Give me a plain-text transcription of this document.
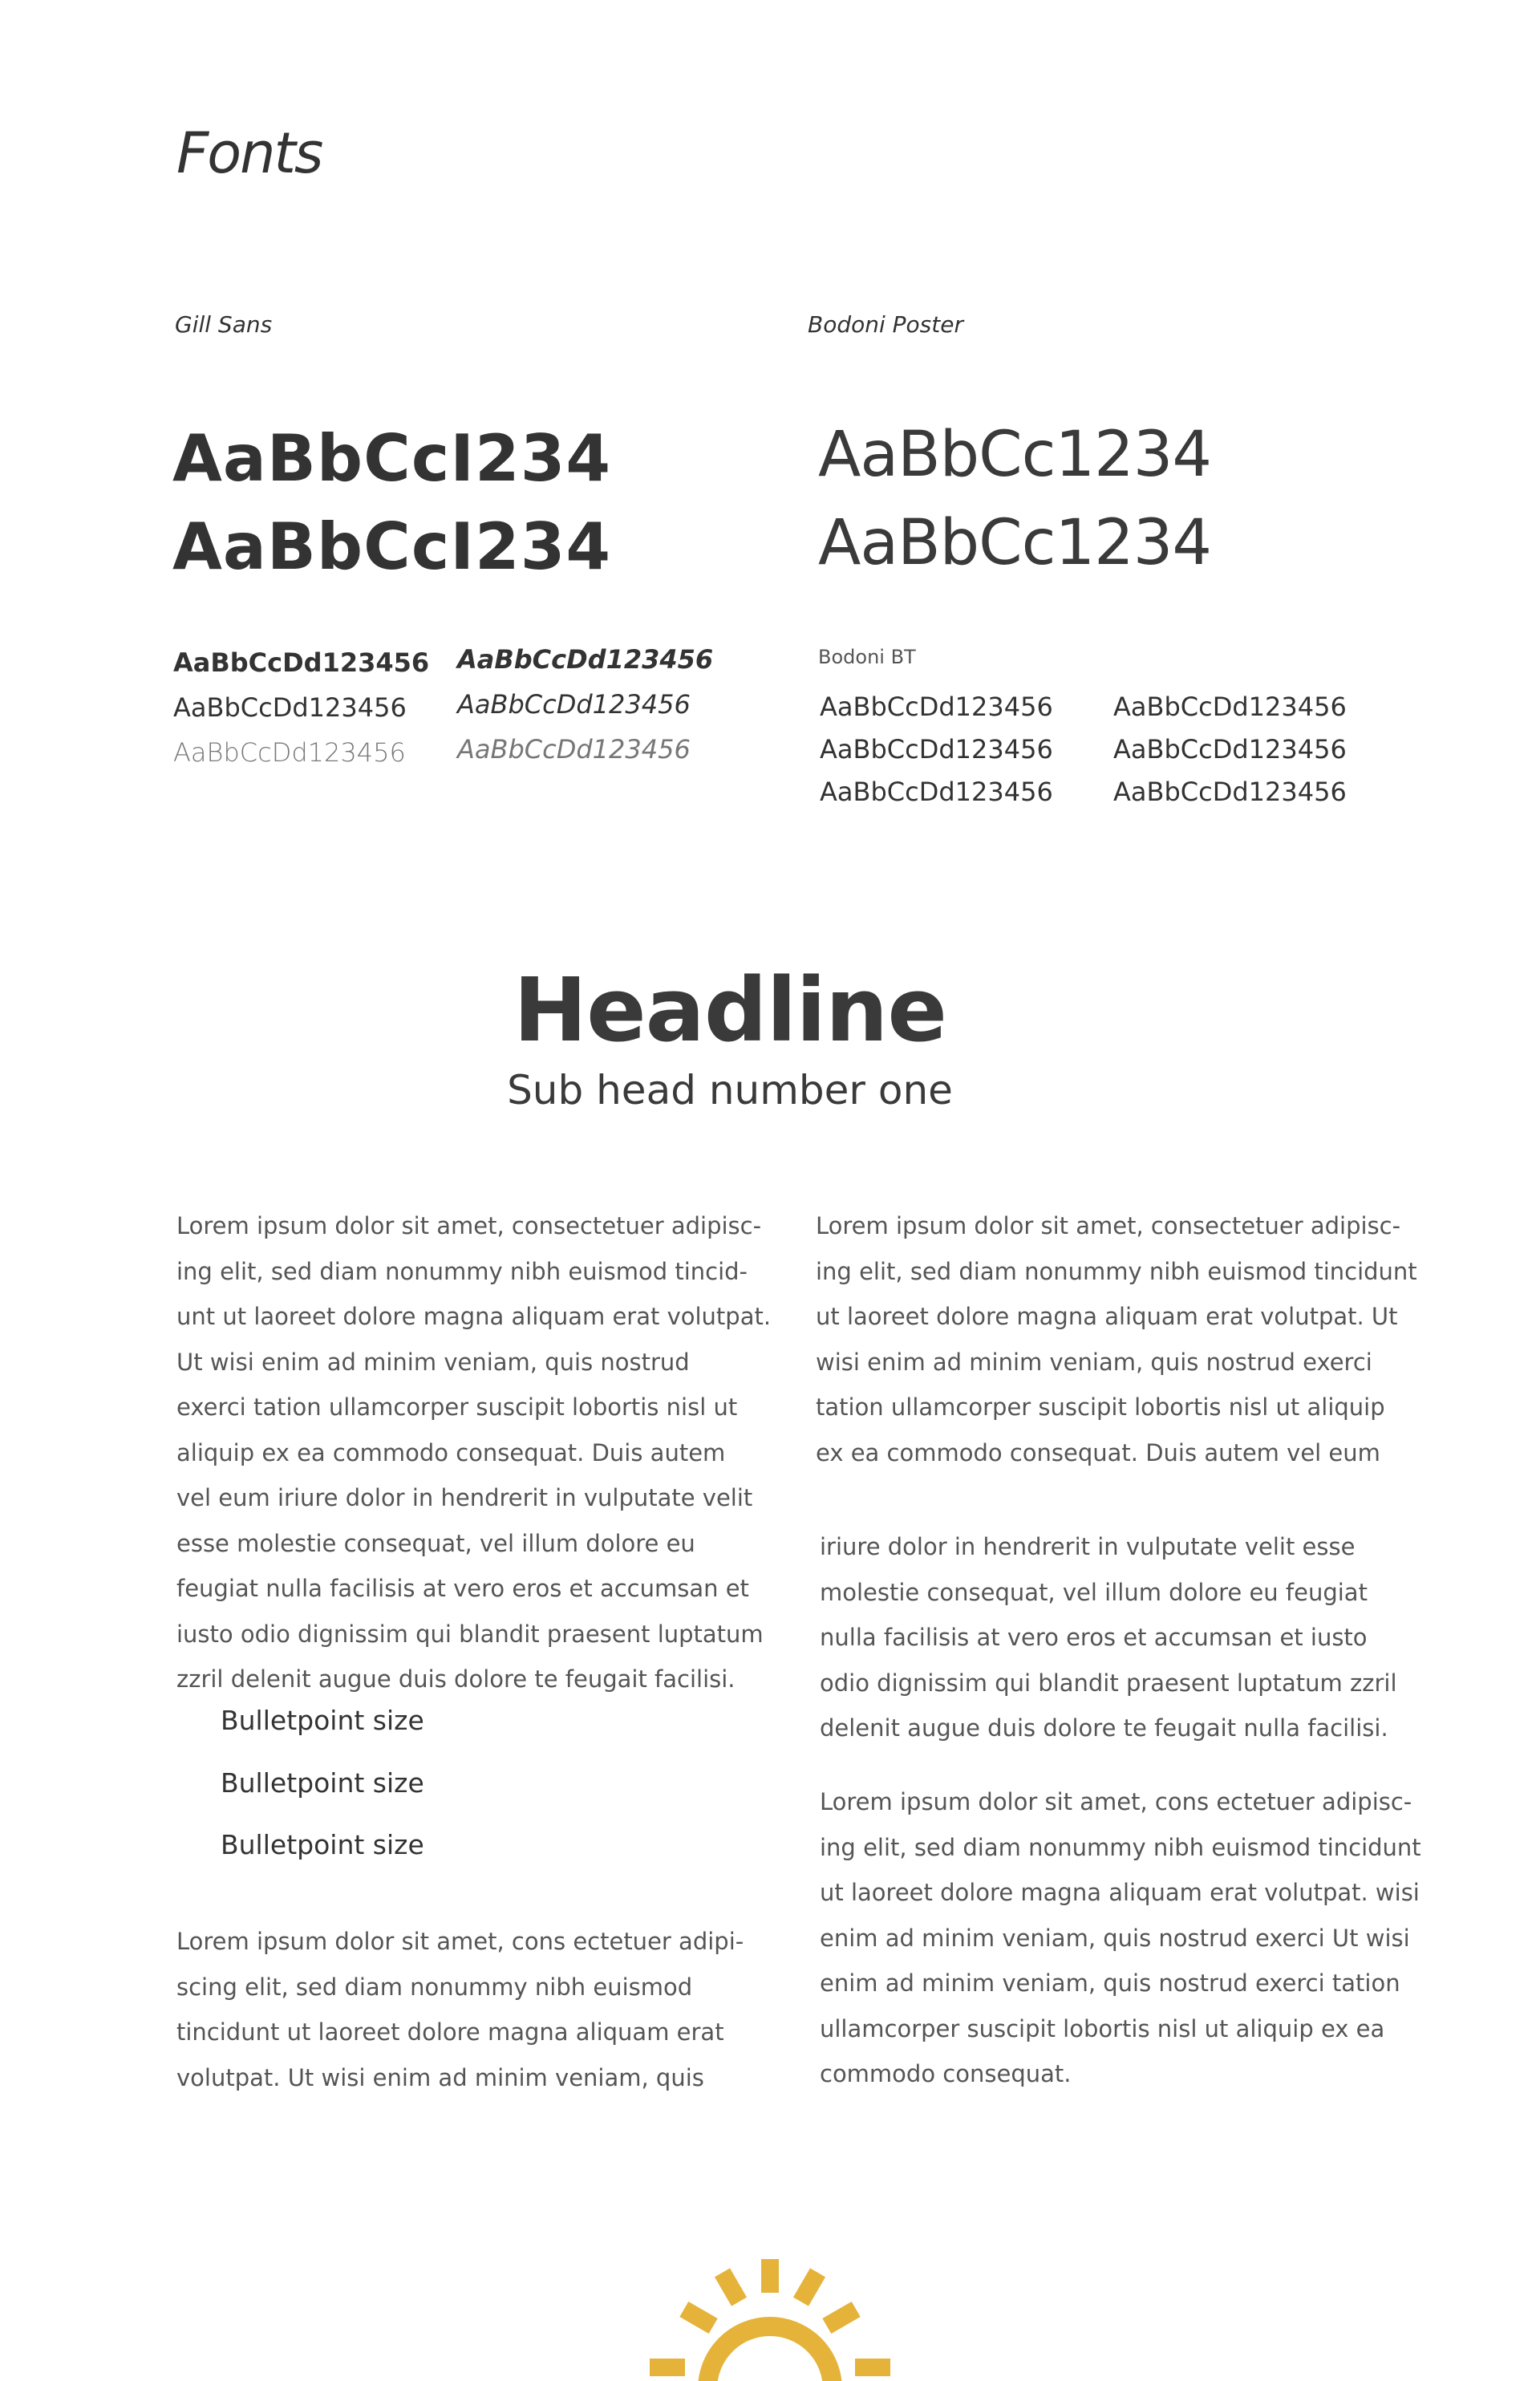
Fonts
Gill Sans	Bodoni Poster
AaBbCcI234
AaBbCcI234
AaBbCc1234
AaBbCc1234
AaBbCcDd123456
AaBbCcDd123456
AaBbCcDd123456
AaBbCcDd123456
AaBbCcDd123456
AaBbCcDd123456
Bodoni BT
AaBbCcDd123456
AaBbCcDd123456
AaBbCcDd123456
AaBbCcDd123456
AaBbCcDd123456
AaBbCcDd123456
Headline
Sub head number one
Lorem ipsum dolor sit amet, consectetuer adipisc-
ing elit, sed diam nonummy nibh euismod tincid-
unt ut laoreet dolore magna aliquam erat volutpat.
Ut wisi enim ad minim veniam, quis nostrud
exerci tation ullamcorper suscipit lobortis nisl ut
aliquip ex ea commodo consequat. Duis autem
vel eum iriure dolor in hendrerit in vulputate velit
esse molestie consequat, vel illum dolore eu
feugiat nulla facilisis at vero eros et accumsan et
iusto odio dignissim qui blandit praesent luptatum
zzril delenit augue duis dolore te feugait facilisi.
Bulletpoint size
Bulletpoint size
Bulletpoint size
Lorem ipsum dolor sit amet, cons ectetuer adipi-
scing elit, sed diam nonummy nibh euismod
tincidunt ut laoreet dolore magna aliquam erat
volutpat. Ut wisi enim ad minim veniam, quis
Lorem ipsum dolor sit amet, consectetuer adipisc-
ing elit, sed diam nonummy nibh euismod tincidunt
ut laoreet dolore magna aliquam erat volutpat. Ut
wisi enim ad minim veniam, quis nostrud exerci
tation ullamcorper suscipit lobortis nisl ut aliquip
ex ea commodo consequat. Duis autem vel eum
iriure dolor in hendrerit in vulputate velit esse
molestie consequat, vel illum dolore eu feugiat
nulla facilisis at vero eros et accumsan et iusto
odio dignissim qui blandit praesent luptatum zzril
delenit augue duis dolore te feugait nulla facilisi.
Lorem ipsum dolor sit amet, cons ectetuer adipisc-
ing elit, sed diam nonummy nibh euismod tincidunt
ut laoreet dolore magna aliquam erat volutpat. wisi
enim ad minim veniam, quis nostrud exerci Ut wisi
enim ad minim veniam, quis nostrud exerci tation
ullamcorper suscipit lobortis nisl ut aliquip ex ea
commodo consequat.
